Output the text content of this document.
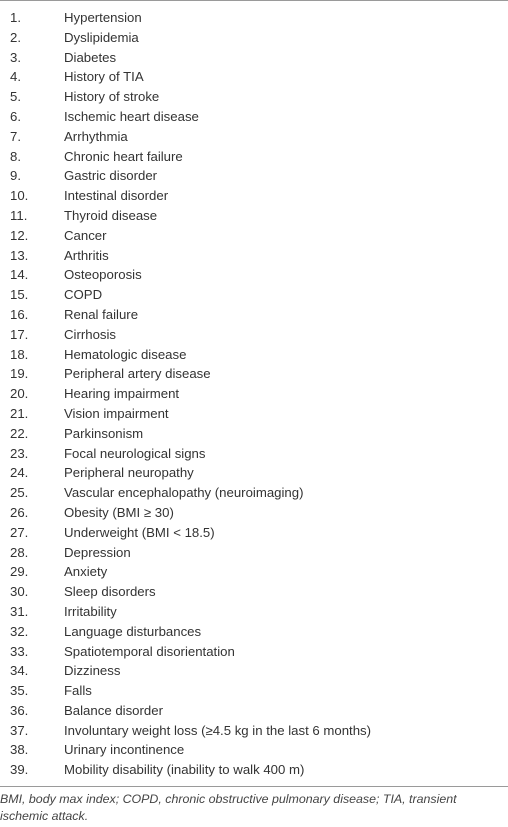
1.	Hypertension
2.	Dyslipidemia
3.	Diabetes
4.	History of TIA
5.	History of stroke
6.	Ischemic heart disease
7.	Arrhythmia
8.	Chronic heart failure
9.	Gastric disorder
10.	Intestinal disorder
11.	Thyroid disease
12.	Cancer
13.	Arthritis
14.	Osteoporosis
15.	COPD
16.	Renal failure
17.	Cirrhosis
18.	Hematologic disease
19.	Peripheral artery disease
20.	Hearing impairment
21.	Vision impairment
22.	Parkinsonism
23.	Focal neurological signs
24.	Peripheral neuropathy
25.	Vascular encephalopathy (neuroimaging)
26.	Obesity (BMI ≥ 30)
27.	Underweight (BMI < 18.5)
28.	Depression
29.	Anxiety
30.	Sleep disorders
31.	Irritability
32.	Language disturbances
33.	Spatiotemporal disorientation
34.	Dizziness
35.	Falls
36.	Balance disorder
37.	Involuntary weight loss (≥4.5 kg in the last 6 months)
38.	Urinary incontinence
39.	Mobility disability (inability to walk 400 m)
BMI, body max index; COPD, chronic obstructive pulmonary disease; TIA, transient ischemic attack.
